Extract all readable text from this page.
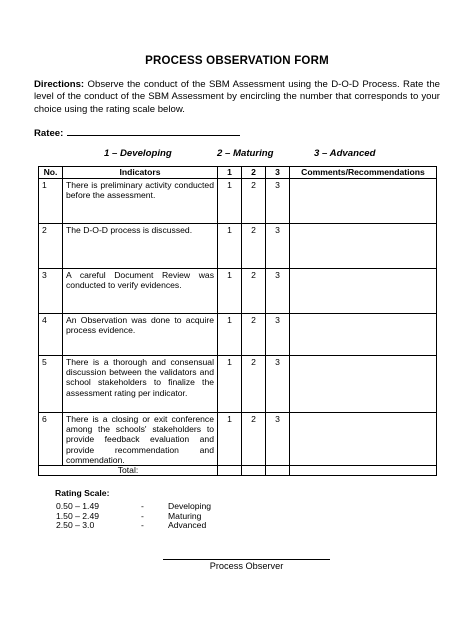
PROCESS OBSERVATION FORM
Directions: Observe the conduct of the SBM Assessment using the D-O-D Process. Rate the level of the conduct of the SBM Assessment by encircling the number that corresponds to your choice using the rating scale below.
Ratee:
1 – Developing	2 – Maturing	3 – Advanced
No.	Indicators	1	2	3	Comments/Recommendations
1	There is preliminary activity conducted before the assessment.	1	2	3	
2	The D-O-D process is discussed.	1	2	3	
3	A careful Document Review was conducted to verify evidences.	1	2	3	
4	An Observation was done to acquire process evidence.	1	2	3	
5	There is a thorough and consensual discussion between the validators and school stakeholders to finalize the assessment rating per indicator.	1	2	3	
6	There is a closing or exit conference among the schools' stakeholders to provide feedback evaluation and provide recommendation and commendation.	1	2	3	
Total:					
Rating Scale:
0.50 – 1.49	-	Developing
1.50 – 2.49	-	Maturing
2.50 – 3.0	-	Advanced
Process Observer
